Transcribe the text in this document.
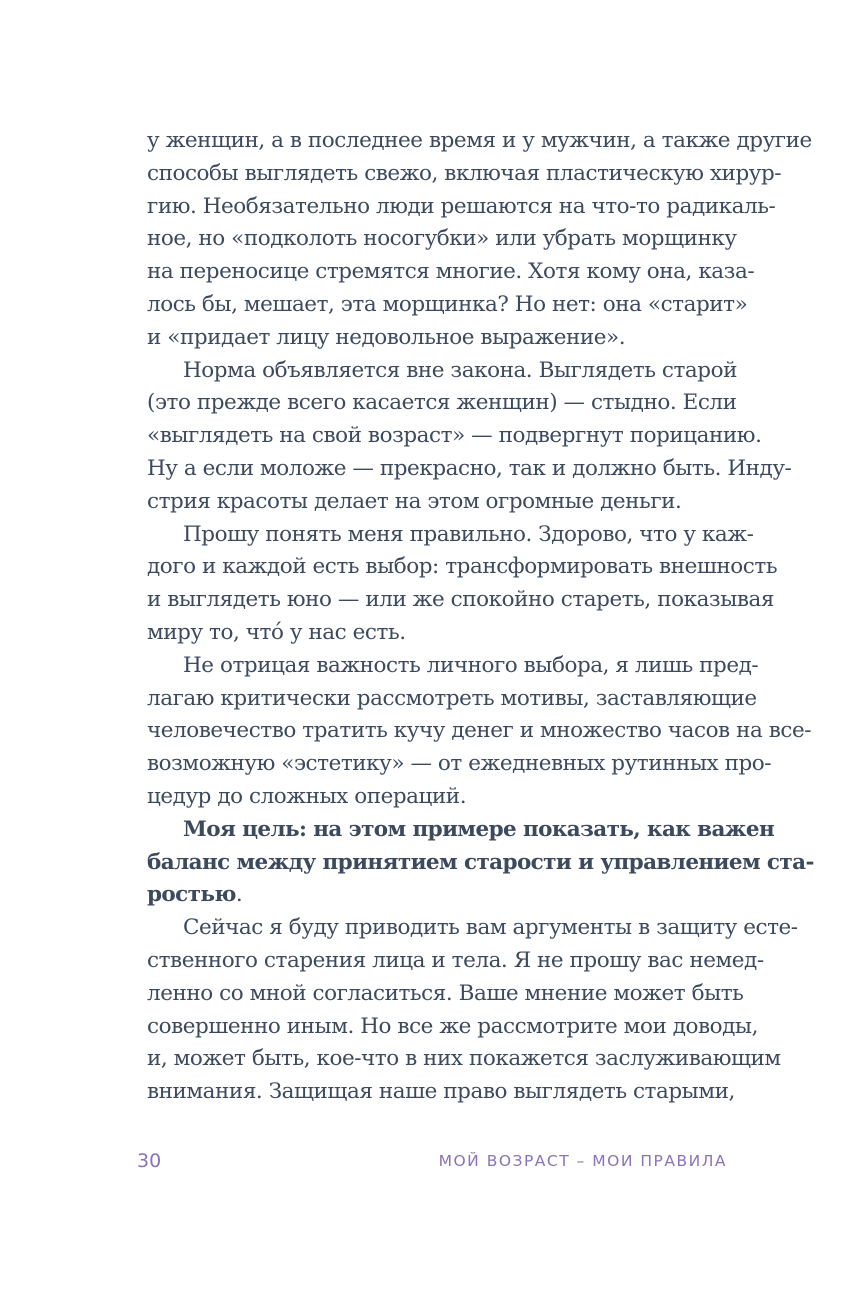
у женщин, а в последнее время и у мужчин, а также другие
способы выглядеть свежо, включая пластическую хирур-
гию. Необязательно люди решаются на что-то радикаль-
ное, но «подколоть носогубки» или убрать морщинку
на переносице стремятся многие. Хотя кому она, каза-
лось бы, мешает, эта морщинка? Но нет: она «старит»
и «придает лицу недовольное выражение».
Норма объявляется вне закона. Выглядеть старой
(это прежде всего касается женщин) — стыдно. Если
«выглядеть на свой возраст» — подвергнут порицанию.
Ну а если моложе — прекрасно, так и должно быть. Инду-
стрия красоты делает на этом огромные деньги.
Прошу понять меня правильно. Здорово, что у каж-
дого и каждой есть выбор: трансформировать внешность
и выглядеть юно — или же спокойно стареть, показывая
миру то, что́ у нас есть.
Не отрицая важность личного выбора, я лишь пред-
лагаю критически рассмотреть мотивы, заставляющие
человечество тратить кучу денег и множество часов на все-
возможную «эстетику» — от ежедневных рутинных про-
цедур до сложных операций.
Моя цель: на этом примере показать, как важен
баланс между принятием старости и управлением ста-
ростью.
Сейчас я буду приводить вам аргументы в защиту есте-
ственного старения лица и тела. Я не прошу вас немед-
ленно со мной согласиться. Ваше мнение может быть
совершенно иным. Но все же рассмотрите мои доводы,
и, может быть, кое-что в них покажется заслуживающим
внимания. Защищая наше право выглядеть старыми,
30	МОЙ ВОЗРАСТ – МОИ ПРАВИЛА
